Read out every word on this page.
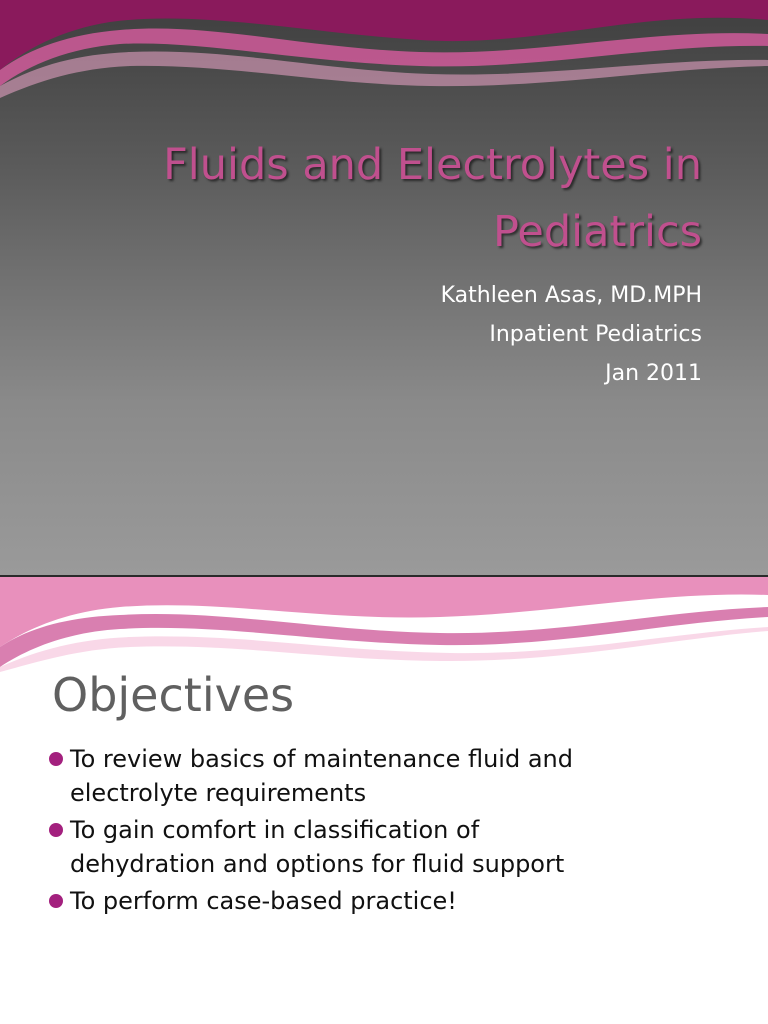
Fluids and Electrolytes in
Pediatrics
Kathleen Asas, MD.MPH
Inpatient Pediatrics
Jan 2011
Objectives
To review basics of maintenance fluid and
electrolyte requirements
To gain comfort in classification of
dehydration and options for fluid support
To perform case-based practice!
